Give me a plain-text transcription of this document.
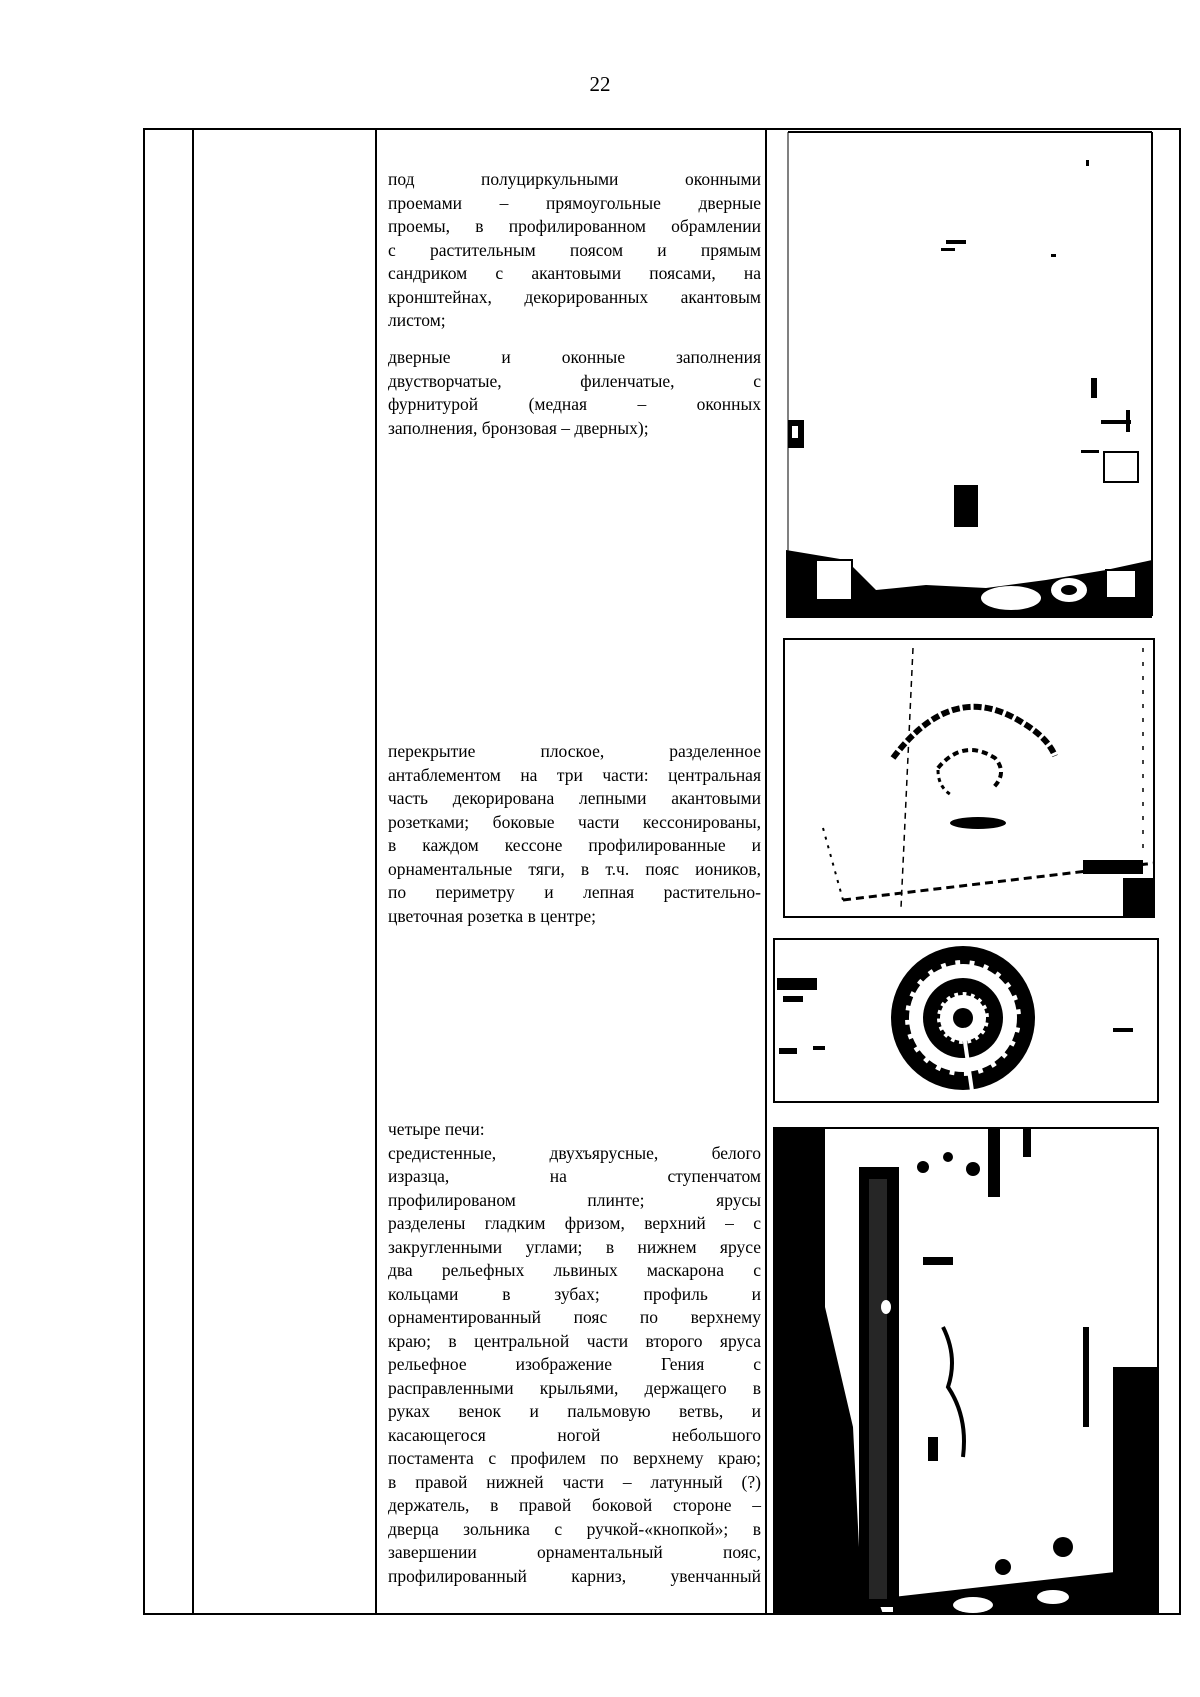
22
под полуциркульными оконными
проемами – прямоугольные дверные
проемы, в профилированном обрамлении
с растительным поясом и прямым
сандриком с акантовыми поясами, на
кронштейнах, декорированных акантовым
листом;
дверные и оконные заполнения
двустворчатые, филенчатые, с
фурнитурой (медная – оконных
заполнения, бронзовая – дверных);
перекрытие плоское, разделенное
антаблементом на три части: центральная
часть декорирована лепными акантовыми
розетками; боковые части кессонированы,
в каждом кессоне профилированные и
орнаментальные тяги, в т.ч. пояс иоников,
по периметру и лепная растительно-
цветочная розетка в центре;
четыре печи:
средистенные, двухъярусные, белого
изразца, на ступенчатом
профилированом плинте; ярусы
разделены гладким фризом, верхний – с
закругленными углами; в нижнем ярусе
два рельефных львиных маскарона с
кольцами в зубах; профиль и
орнаментированный пояс по верхнему
краю; в центральной части второго яруса
рельефное изображение Гения с
расправленными крыльями, держащего в
руках венок и пальмовую ветвь, и
касающегося ногой небольшого
постамента с профилем по верхнему краю;
в правой нижней части – латунный (?)
держатель, в правой боковой стороне –
дверца зольника с ручкой-«кнопкой»; в
завершении орнаментальный пояс,
профилированный карниз, увенчанный
